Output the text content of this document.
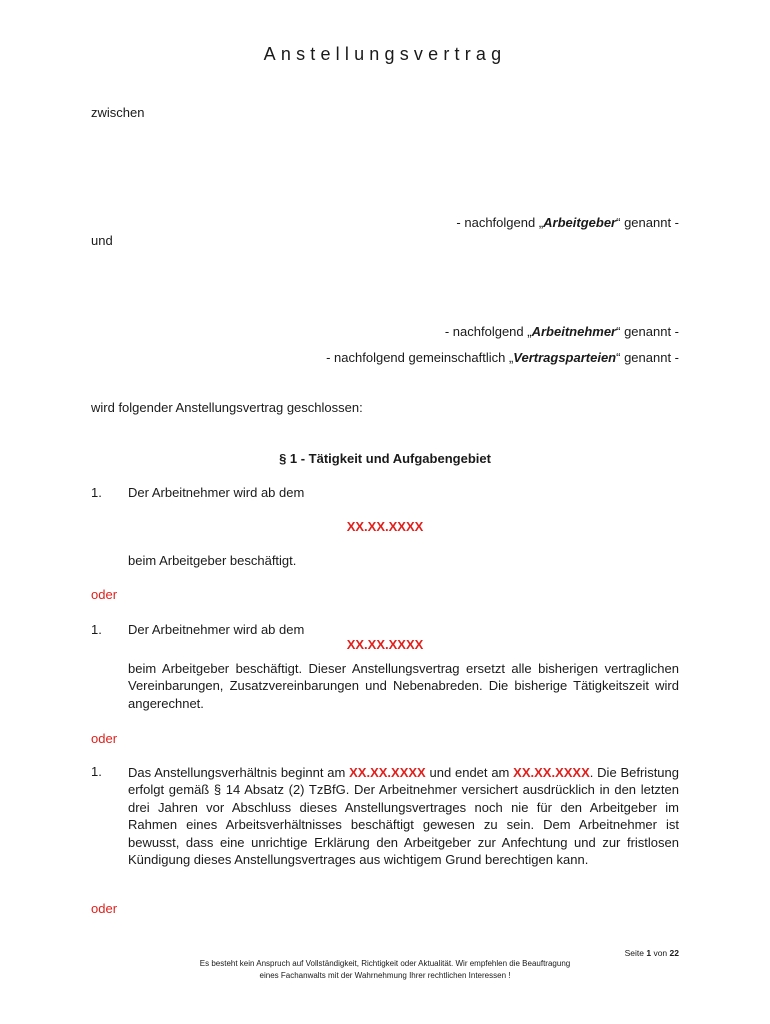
Anstellungsvertrag
zwischen
- nachfolgend „Arbeitgeber“ genannt -
und
- nachfolgend „Arbeitnehmer“ genannt -
- nachfolgend gemeinschaftlich „Vertragsparteien“ genannt -
wird folgender Anstellungsvertrag geschlossen:
§ 1 - Tätigkeit und Aufgabengebiet
1. Der Arbeitnehmer wird ab dem
XX.XX.XXXX
beim Arbeitgeber beschäftigt.
oder
1. Der Arbeitnehmer wird ab dem
XX.XX.XXXX
beim Arbeitgeber beschäftigt. Dieser Anstellungsvertrag ersetzt alle bisherigen vertraglichen Vereinbarungen, Zusatzvereinbarungen und Nebenabreden. Die bisherige Tätigkeitszeit wird angerechnet.
oder
1. Das Anstellungsverhältnis beginnt am XX.XX.XXXX und endet am XX.XX.XXXX. Die Befristung erfolgt gemäß § 14 Absatz (2) TzBfG. Der Arbeitnehmer versichert ausdrücklich in den letzten drei Jahren vor Abschluss dieses Anstellungsvertrages noch nie für den Arbeitgeber im Rahmen eines Arbeitsverhältnisses beschäftigt gewesen zu sein. Dem Arbeitnehmer ist bewusst, dass eine unrichtige Erklärung den Arbeitgeber zur Anfechtung und zur fristlosen Kündigung dieses Anstellungsvertrages aus wichtigem Grund berechtigen kann.
oder
Seite 1 von 22
Es besteht kein Anspruch auf Vollständigkeit, Richtigkeit oder Aktualität. Wir empfehlen die Beauftragung
eines Fachanwalts mit der Wahrnehmung Ihrer rechtlichen Interessen !
